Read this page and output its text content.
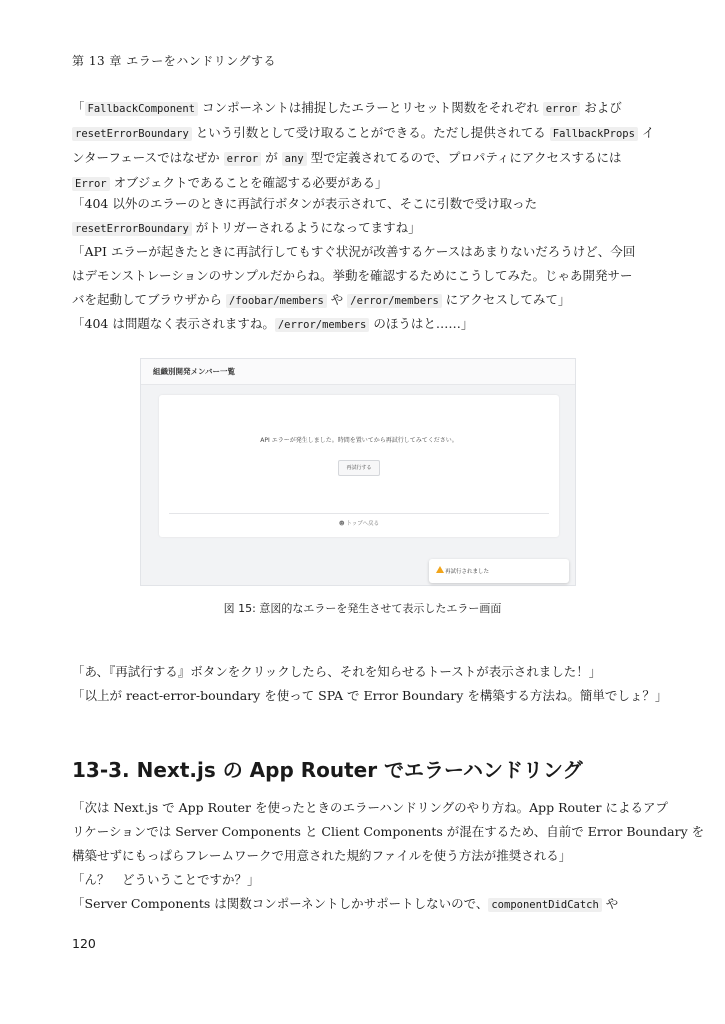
第 13 章 エラーをハンドリングする
「 FallbackComponent コンポーネントは捕捉したエラーとリセット関数をそれぞれ error および
resetErrorBoundary という引数として受け取ることができる。ただし提供されてる FallbackProps イ
ンターフェースではなぜか error が any 型で定義されてるので、プロパティにアクセスするには
Error オブジェクトであることを確認する必要がある」
「404 以外のエラーのときに再試行ボタンが表示されて、そこに引数で受け取った
resetErrorBoundary がトリガーされるようになってますね」
「API エラーが起きたときに再試行してもすぐ状況が改善するケースはあまりないだろうけど、今回
はデモンストレーションのサンプルだからね。挙動を確認するためにこうしてみた。じゃあ開発サー
バを起動してブラウザから /foobar/members や /error/members にアクセスしてみて」
「404 は問題なく表示されますね。 /error/members のほうはと……」
組織別開発メンバー一覧
API エラーが発生しました。時間を置いてから再試行してみてください。
再試行する
☻ トップへ戻る
再試行されました
図 15: 意図的なエラーを発生させて表示したエラー画面
「あ、『再試行する』ボタンをクリックしたら、それを知らせるトーストが表示されました！」
「以上が react-error-boundary を使って SPA で Error Boundary を構築する方法ね。簡単でしょ？」
13-3. Next.js の App Router でエラーハンドリング
「次は Next.js で App Router を使ったときのエラーハンドリングのやり方ね。App Router によるアプ
リケーションでは Server Components と Client Components が混在するため、自前で Error Boundary を
構築せずにもっぱらフレームワークで用意された規約ファイルを使う方法が推奨される」
「ん？　どういうことですか？」
「Server Components は関数コンポーネントしかサポートしないので、 componentDidCatch や
120
